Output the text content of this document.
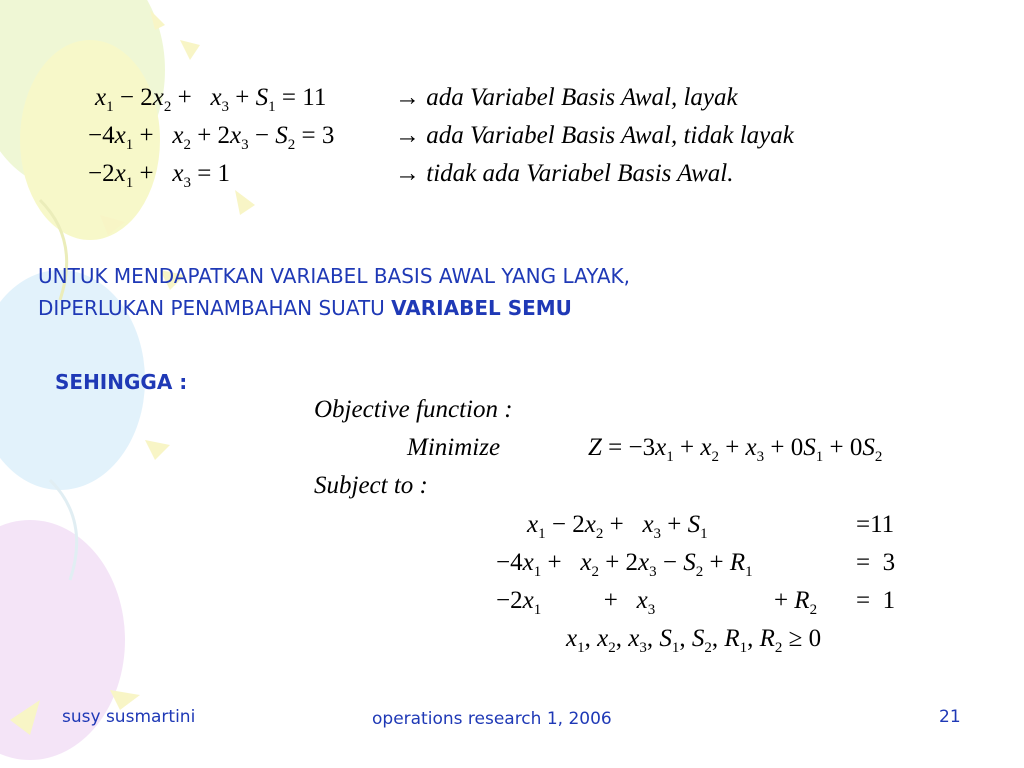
$x_1 - 2x_2 + x_3 + S_1 = 11$	→ ada Variabel Basis Awal, layak
$-4x_1 + x_2 + 2x_3 - S_2 = 3$ → ada Variabel Basis Awal, tidak layak
$-2x_1 + x_3 = 1$	→ tidak ada Variabel Basis Awal.
UNTUK MENDAPATKAN VARIABEL BASIS AWAL YANG LAYAK,
DIPERLUKAN PENAMBAHAN SUATU VARIABEL SEMU
SEHINGGA :
Objective function :
Minimize	$Z = -3x_1 + x_2 + x_3 + 0S_1 + 0S_2$
Subject to :
$x_1 - 2x_2 + x_3 + S_1$	=11
$-4x_1 + x_2 + 2x_3 - S_2 + R_1$	= 3
$-2x_1$          +   $x_3$                   + $R_2 = 1$
$x_1$, $x_2$, $x_3$, $S_1$, $S_2$, $R_1$, $R_2 \ge 0$
susy susmartini	operations research 1, 2006	21
